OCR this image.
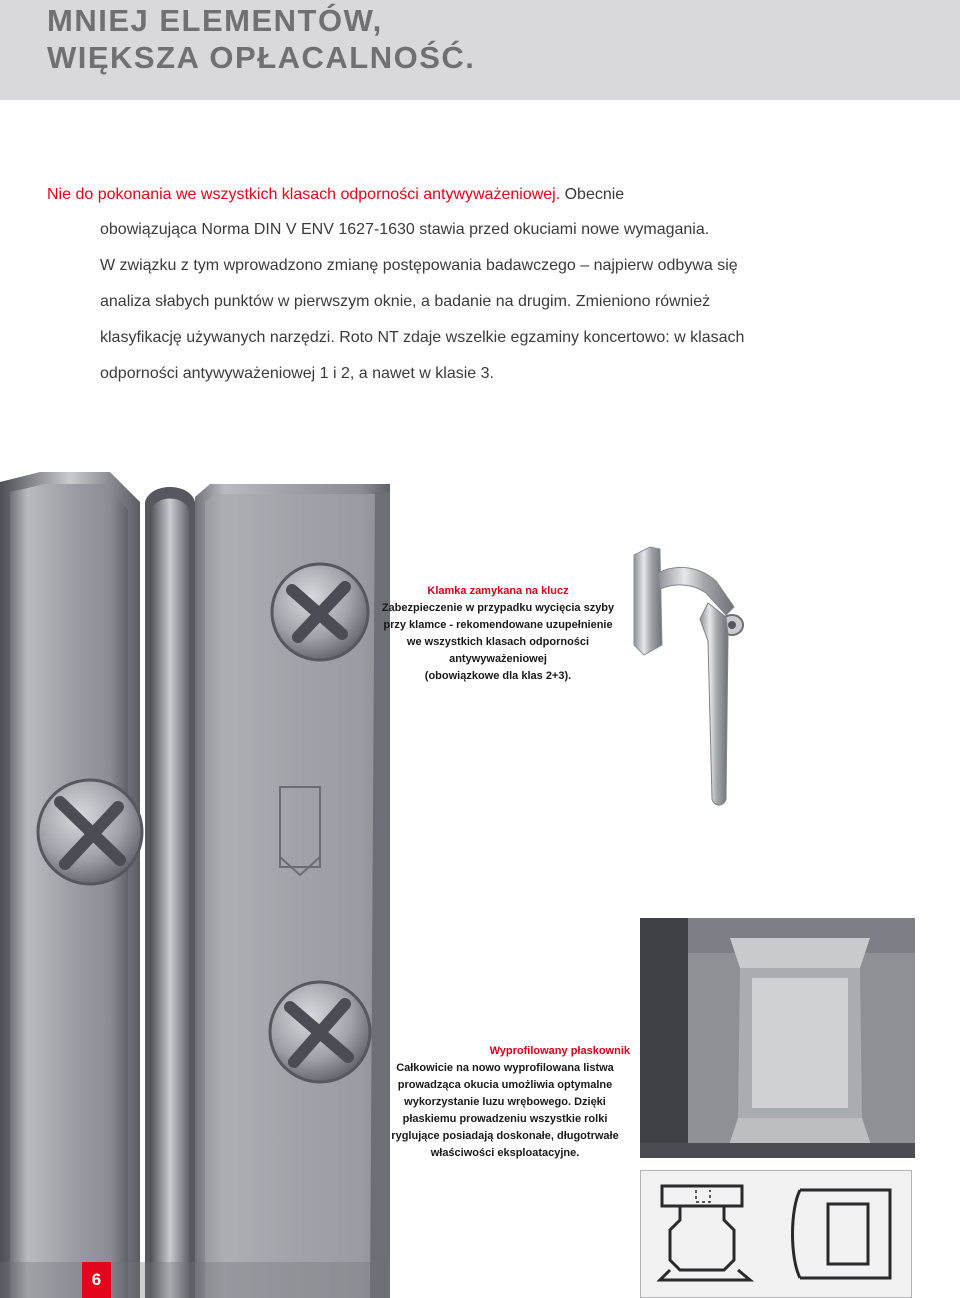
MNIEJ ELEMENTÓW,
WIĘKSZA OPŁACALNOŚĆ.
Nie do pokonania we wszystkich klasach odporności antywyważeniowej. Obecnie
obowiązująca Norma DIN V ENV 1627-1630 stawia przed okuciami nowe wymagania.
W związku z tym wprowadzono zmianę postępowania badawczego – najpierw odbywa się
analiza słabych punktów w pierwszym oknie, a badanie na drugim. Zmieniono również
klasyfikację używanych narzędzi. Roto NT zdaje wszelkie egzaminy koncertowo: w klasach
odporności antywyważeniowej 1 i 2, a nawet w klasie 3.
Klamka zamykana na klucz
Zabezpieczenie w przypadku wycięcia szyby
przy klamce - rekomendowane uzupełnienie
we wszystkich klasach odporności
antywyważeniowej
(obowiązkowe dla klas 2+3).
Wyprofilowany płaskownik
Całkowicie na nowo wyprofilowana listwa
prowadząca okucia umożliwia optymalne
wykorzystanie luzu wrębowego. Dzięki
płaskiemu prowadzeniu wszystkie rolki
ryglujące posiadają doskonałe, długotrwałe
właściwości eksploatacyjne.
6
